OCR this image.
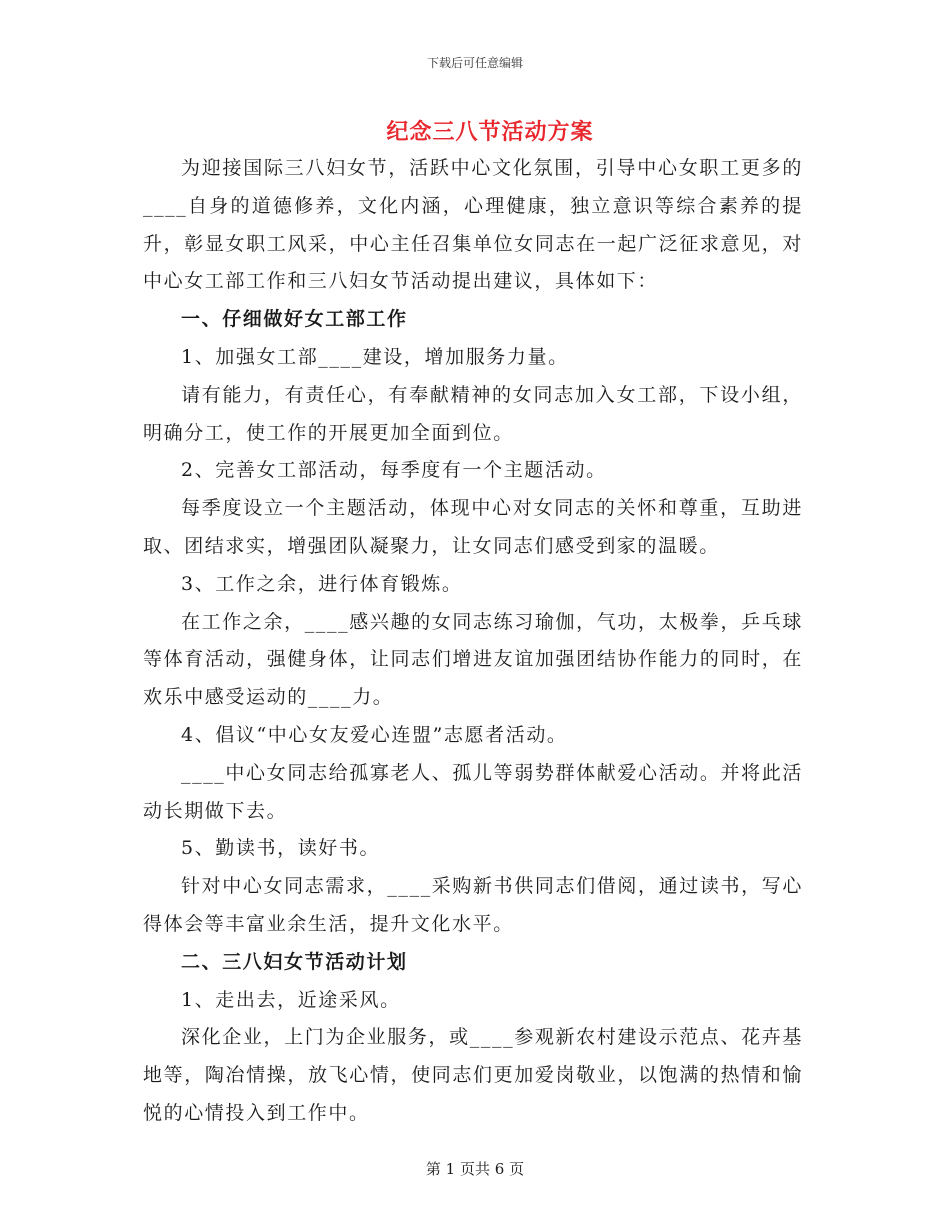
下载后可任意编辑
纪念三八节活动方案

为迎接国际三八妇女节，活跃中心文化氛围，引导中心女职工更多的____自身的道德修养，文化内涵，心理健康，独立意识等综合素养的提升，彰显女职工风采，中心主任召集单位女同志在一起广泛征求意见，对中心女工部工作和三八妇女节活动提出建议，具体如下：

一、仔细做好女工部工作

1、加强女工部____建设，增加服务力量。

请有能力，有责任心，有奉献精神的女同志加入女工部，下设小组，明确分工，使工作的开展更加全面到位。

2、完善女工部活动，每季度有一个主题活动。

每季度设立一个主题活动，体现中心对女同志的关怀和尊重，互助进取、团结求实，增强团队凝聚力，让女同志们感受到家的温暖。

3、工作之余，进行体育锻炼。

在工作之余，____感兴趣的女同志练习瑜伽，气功，太极拳，乒乓球等体育活动，强健身体，让同志们增进友谊加强团结协作能力的同时，在欢乐中感受运动的____力。

4、倡议“中心女友爱心连盟”志愿者活动。

____中心女同志给孤寡老人、孤儿等弱势群体献爱心活动。并将此活动长期做下去。

5、勤读书，读好书。

针对中心女同志需求，____采购新书供同志们借阅，通过读书，写心得体会等丰富业余生活，提升文化水平。

二、三八妇女节活动计划

1、走出去，近途采风。

深化企业，上门为企业服务，或____参观新农村建设示范点、花卉基地等，陶冶情操，放飞心情，使同志们更加爱岗敬业，以饱满的热情和愉悦的心情投入到工作中。

第 1 页共 6 页
